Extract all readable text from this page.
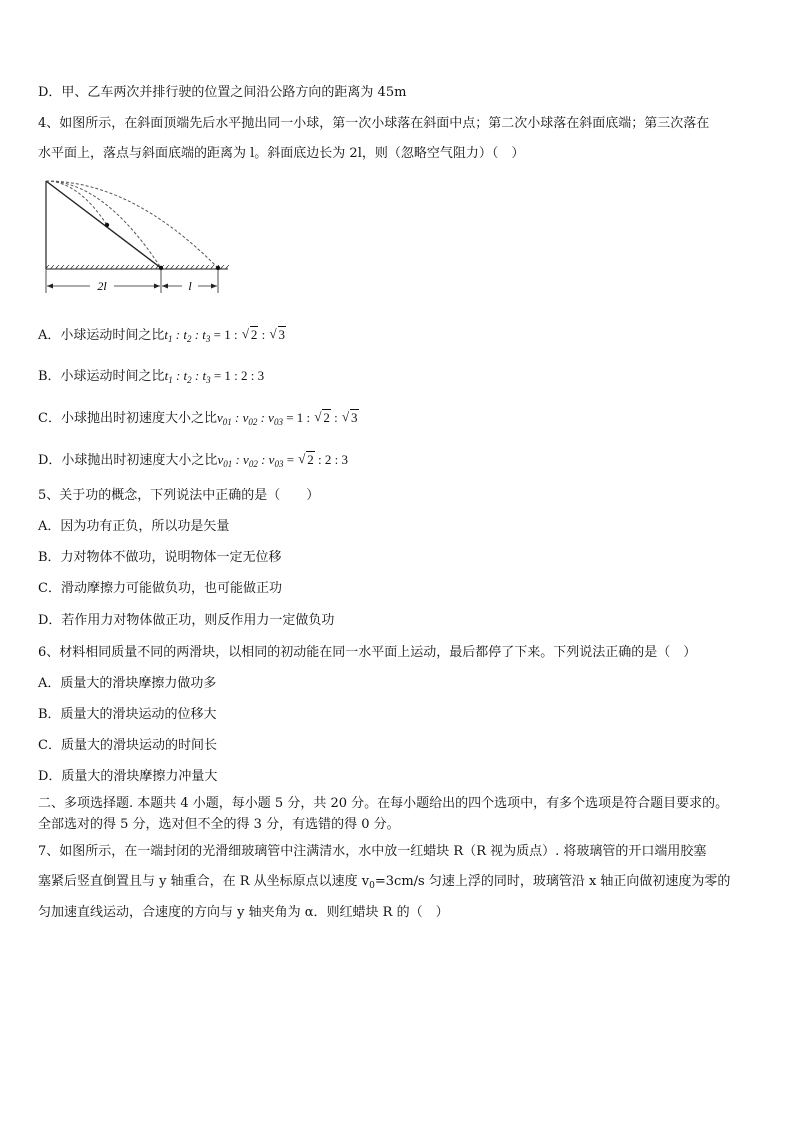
D．甲、乙车两次并排行驶的位置之间沿公路方向的距离为 45m
4、如图所示，在斜面顶端先后水平抛出同一小球，第一次小球落在斜面中点；第二次小球落在斜面底端；第三次落在
水平面上，落点与斜面底端的距离为 l。斜面底边长为 2l，则（忽略空气阻力）（　）
2l	l
A．小球运动时间之比$t_1$ : $t_2$ : $t_3 = 1$ : √ 2 : √ 3
B．小球运动时间之比$t_1$ : $t_2$ : $t_3 = 1$ : 2 : 3
C．小球抛出时初速度大小之比$v_{01}$ : $v_{02}$ : $v_{03} = 1$ : √ 2 : √ 3
D．小球抛出时初速度大小之比$v_{01}$ : $v_{02}$ : $v_{03}$ = √ 2 : 2 : 3
5、关于功的概念，下列说法中正确的是（　　）
A．因为功有正负，所以功是矢量
B．力对物体不做功，说明物体一定无位移
C．滑动摩擦力可能做负功，也可能做正功
D．若作用力对物体做正功，则反作用力一定做负功
6、材料相同质量不同的两滑块，以相同的初动能在同一水平面上运动，最后都停了下来。下列说法正确的是（　）
A．质量大的滑块摩擦力做功多
B．质量大的滑块运动的位移大
C．质量大的滑块运动的时间长
D．质量大的滑块摩擦力冲量大
二、多项选择题. 本题共 4 小题，每小题 5 分，共 20 分。在每小题给出的四个选项中，有多个选项是符合题目要求的。
全部选对的得 5 分，选对但不全的得 3 分，有选错的得 0 分。
7、如图所示，在一端封闭的光滑细玻璃管中注满清水，水中放一红蜡块 R（R 视为质点）. 将玻璃管的开口端用胶塞
塞紧后竖直倒置且与 y 轴重合，在 R 从坐标原点以速度 $v_0=3cm/s$ 匀速上浮的同时，玻璃管沿 x 轴正向做初速度为零的
匀加速直线运动，合速度的方向与 y 轴夹角为 α．则红蜡块 R 的（　）
